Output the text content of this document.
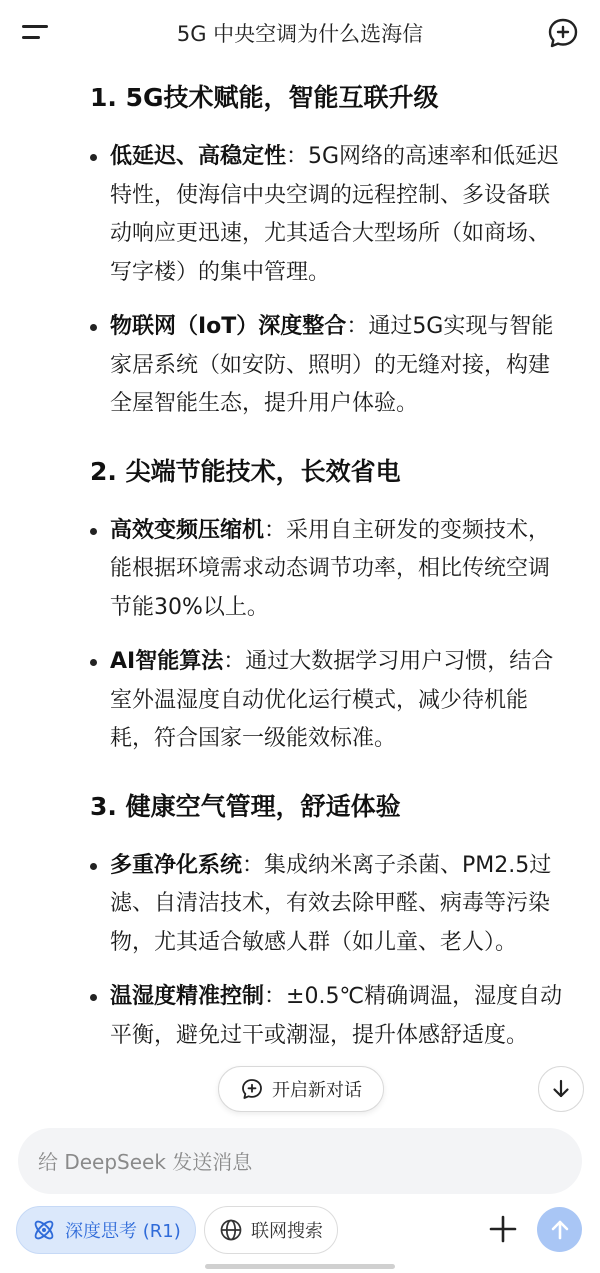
5G 中央空调为什么选海信
1. 5G技术赋能，智能互联升级
低延迟、高稳定性：5G网络的高速率和低延迟特性，使海信中央空调的远程控制、多设备联动响应更迅速，尤其适合大型场所（如商场、写字楼）的集中管理。
物联网（IoT）深度整合：通过5G实现与智能家居系统（如安防、照明）的无缝对接，构建全屋智能生态，提升用户体验。
2. 尖端节能技术，长效省电
高效变频压缩机：采用自主研发的变频技术，能根据环境需求动态调节功率，相比传统空调节能30%以上。
AI智能算法：通过大数据学习用户习惯，结合室外温湿度自动优化运行模式，减少待机能耗，符合国家一级能效标准。
3. 健康空气管理，舒适体验
多重净化系统：集成纳米离子杀菌、PM2.5过滤、自清洁技术，有效去除甲醛、病毒等污染物，尤其适合敏感人群（如儿童、老人）。
温湿度精准控制：±0.5℃精确调温，湿度自动平衡，避免过干或潮湿，提升体感舒适度。
开启新对话
给 DeepSeek 发送消息
深度思考 (R1)	联网搜索
